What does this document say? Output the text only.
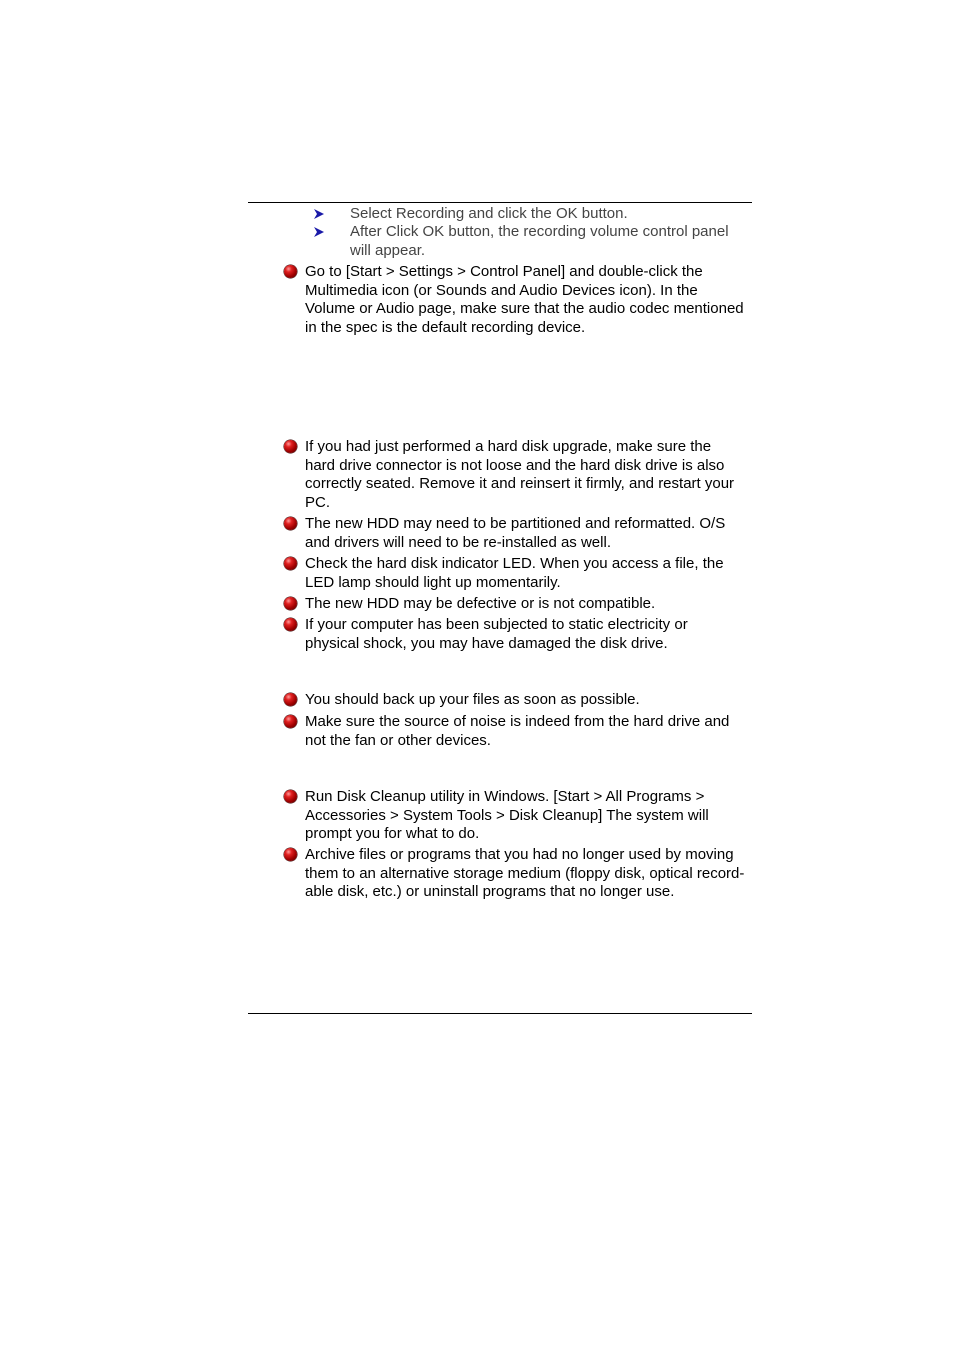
Select Recording and click the OK button.
After Click OK button, the recording volume control panel will appear.
Go to [Start > Settings > Control Panel] and double-click the Multimedia icon (or Sounds and Audio Devices icon). In the Volume or Audio page, make sure that the audio codec mentioned in the spec is the default recording device.
If you had just performed a hard disk upgrade, make sure the hard drive connector is not loose and the hard disk drive is also correctly seated. Remove it and reinsert it firmly, and restart your PC.
The new HDD may need to be partitioned and reformatted. O/S and drivers will need to be re-installed as well.
Check the hard disk indicator LED. When you access a file, the LED lamp should light up momentarily.
The new HDD may be defective or is not compatible.
If your computer has been subjected to static electricity or physical shock, you may have damaged the disk drive.
You should back up your files as soon as possible.
Make sure the source of noise is indeed from the hard drive and not the fan or other devices.
Run Disk Cleanup utility in Windows. [Start > All Programs > Accessories > System Tools > Disk Cleanup] The system will prompt you for what to do.
Archive files or programs that you had no longer used by moving them to an alternative storage medium (floppy disk, optical record-able disk, etc.) or uninstall programs that no longer use.
